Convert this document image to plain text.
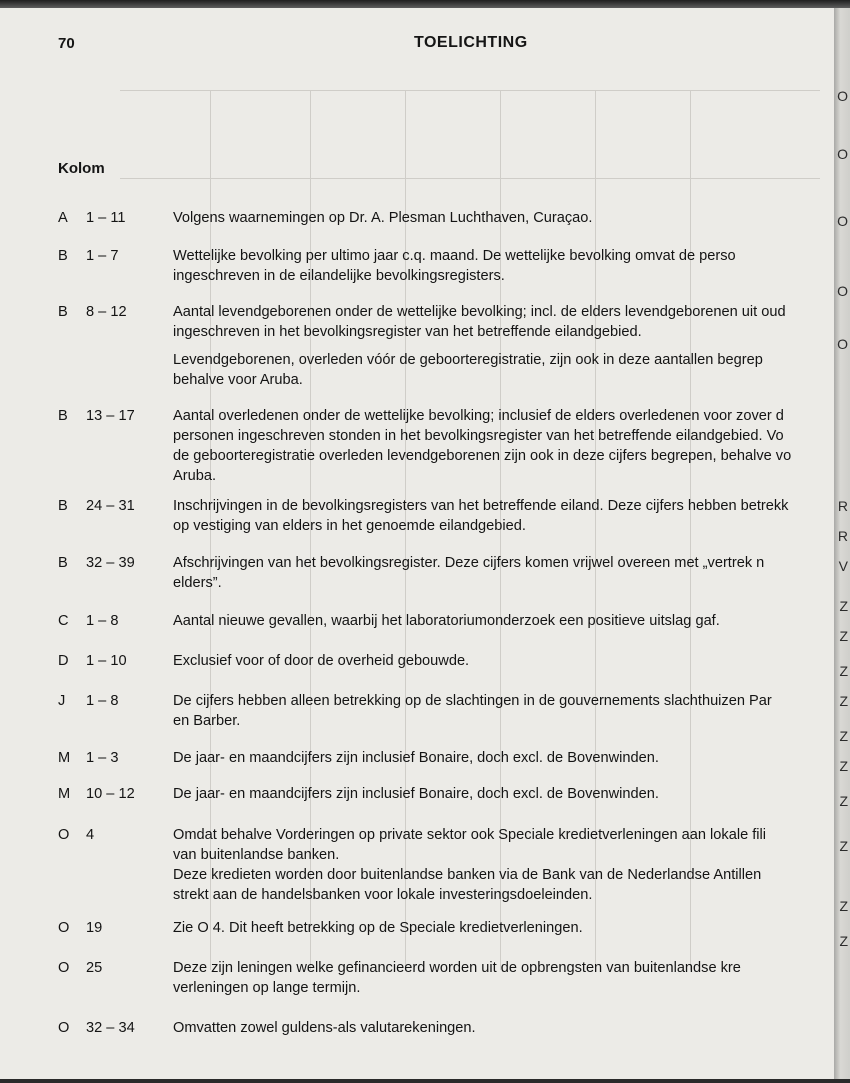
70	TOELICHTING
Kolom
A 1 – 11	Volgens waarnemingen op Dr. A. Plesman Luchthaven, Curaçao.
B 1 – 7	Wettelijke bevolking per ultimo jaar c.q. maand. De wettelijke bevolking omvat de perso
ingeschreven in de eilandelijke bevolkingsregisters.
B 8 – 12	Aantal levendgeborenen onder de wettelijke bevolking; incl. de elders levendgeborenen uit oud
ingeschreven in het bevolkingsregister van het betreffende eilandgebied.
Levendgeborenen, overleden vóór de geboorteregistratie, zijn ook in deze aantallen begrep
behalve voor Aruba.
B 13 – 17	Aantal overledenen onder de wettelijke bevolking; inclusief de elders overledenen voor zover d
personen ingeschreven stonden in het bevolkingsregister van het betreffende eilandgebied. Vo
de geboorteregistratie overleden levendgeborenen zijn ook in deze cijfers begrepen, behalve vo
Aruba.
B 24 – 31	Inschrijvingen in de bevolkingsregisters van het betreffende eiland. Deze cijfers hebben betrekk
op vestiging van elders in het genoemde eilandgebied.
B 32 – 39	Afschrijvingen van het bevolkingsregister. Deze cijfers komen vrijwel overeen met „vertrek n
elders”.
C 1 – 8	Aantal nieuwe gevallen, waarbij het laboratoriumonderzoek een positieve uitslag gaf.
D 1 – 10	Exclusief voor of door de overheid gebouwde.
J 1 – 8	De cijfers hebben alleen betrekking op de slachtingen in de gouvernements slachthuizen Par
en Barber.
M 1 – 3	De jaar- en maandcijfers zijn inclusief Bonaire, doch excl. de Bovenwinden.
M 10 – 12	De jaar- en maandcijfers zijn inclusief Bonaire, doch excl. de Bovenwinden.
O 4	Omdat behalve Vorderingen op private sektor ook Speciale kredietverleningen aan lokale fili
van buitenlandse banken.
Deze kredieten worden door buitenlandse banken via de Bank van de Nederlandse Antillen
strekt aan de handelsbanken voor lokale investeringsdoeleinden.
O 19	Zie O 4. Dit heeft betrekking op de Speciale kredietverleningen.
O 25	Deze zijn leningen welke gefinancieerd worden uit de opbrengsten van buitenlandse kre
verleningen op lange termijn.
O 32 – 34	Omvatten zowel guldens-als valutarekeningen.
O
O
O
O
O
R
R
V
Z
Z
Z
Z
Z
Z
Z
Z
Z
Z
